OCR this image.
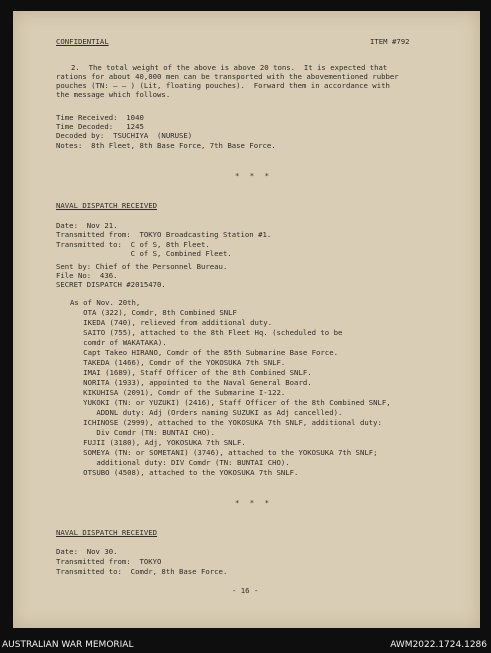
CONFIDENTIAL	ITEM #792
2.  The total weight of the above is above 20 tons.  It is expected that
rations for about 40,000 men can be transported with the abovementioned rubber
pouches (TN: — — ) (Lit, floating pouches).  Forward them in accordance with
the message which follows.
Time Received:  1040
Time Decoded:   1245
Decoded by:  TSUCHIYA  (NURUSE)
Notes:  8th Fleet, 8th Base Force, 7th Base Force.
* * *
NAVAL DISPATCH RECEIVED
Date:  Nov 21.
Transmitted from:  TOKYO Broadcasting Station #1.
Transmitted to:  C of S, 8th Fleet.
C of S, Combined Fleet.
Sent by: Chief of the Personnel Bureau.
File No:  436.
SECRET DISPATCH #2015470.
As of Nov. 20th,
OTA (322), Comdr, 8th Combined SNLF
IKEDA (740), relieved from additional duty.
SAITO (755), attached to the 8th Fleet Hq. (scheduled to be
comdr of WAKATAKA).
Capt Takeo HIRANO, Comdr of the 85th Submarine Base Force.
TAKEDA (1466), Comdr of the YOKOSUKA 7th SNLF.
IMAI (1689), Staff Officer of the 8th Combined SNLF.
NORITA (1933), appointed to the Naval General Board.
KIKUHISA (2091), Comdr of the Submarine I-122.
YUKOKI (TN: or YUZUKI) (2416), Staff Officer of the 8th Combined SNLF,
ADDNL duty: Adj (Orders naming SUZUKI as Adj cancelled).
ICHINOSE (2999), attached to the YOKOSUKA 7th SNLF, additional duty:
Div Comdr (TN: BUNTAI CHO).
FUJII (3180), Adj, YOKOSUKA 7th SNLF.
SOMEYA (TN: or SOMETANI) (3746), attached to the YOKOSUKA 7th SNLF;
additional duty: DIV Comdr (TN: BUNTAI CHO).
OTSUBO (4508), attached to the YOKOSUKA 7th SNLF.
* * *
NAVAL DISPATCH RECEIVED
Date:  Nov 30.
Transmitted from:  TOKYO
Transmitted to:  Comdr, 8th Base Force.
- 16 -
AUSTRALIAN WAR MEMORIAL	AWM2022.1724.1286
